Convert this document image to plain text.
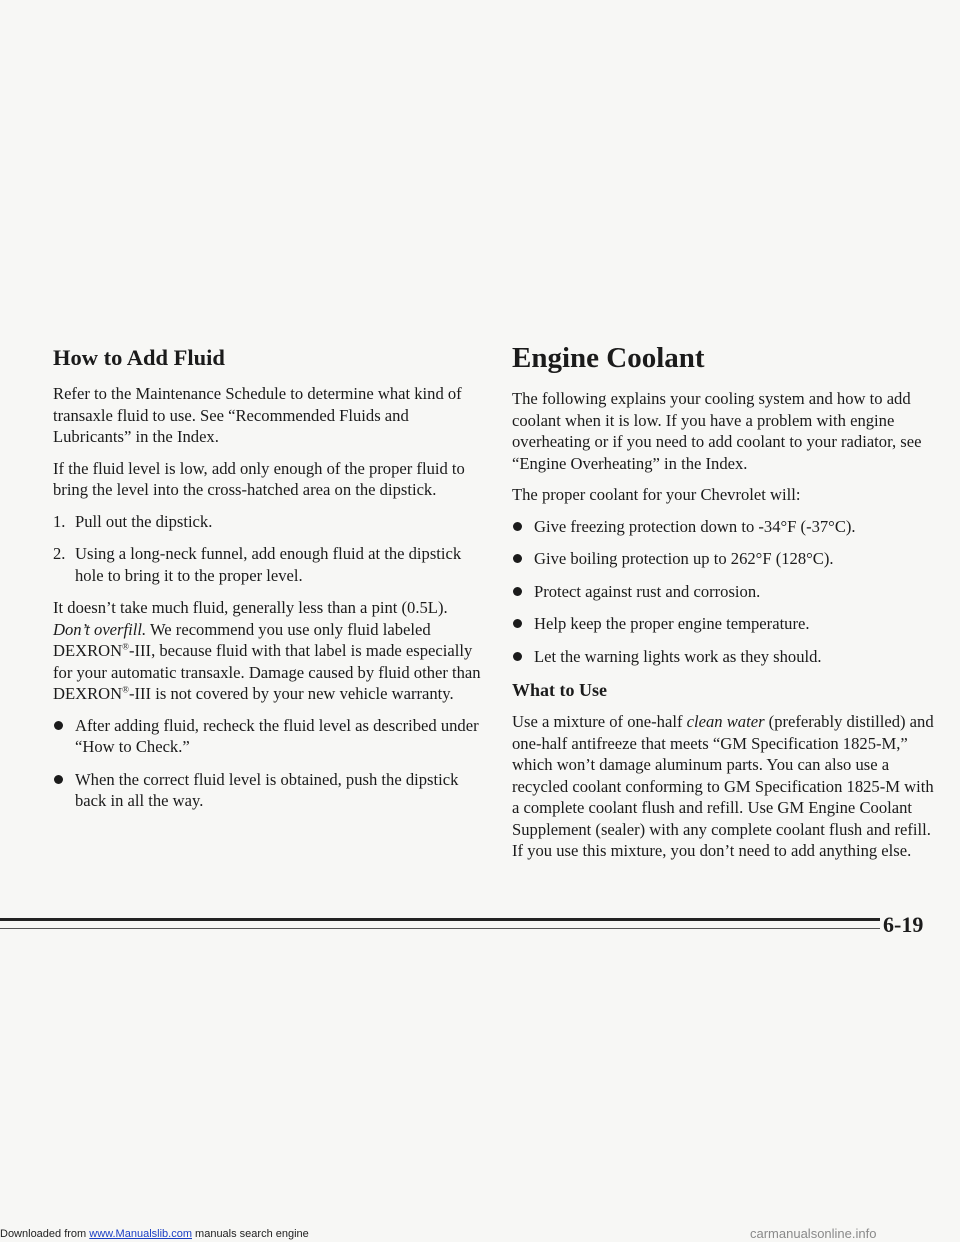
How to Add Fluid

Refer to the Maintenance Schedule to determine what kind of transaxle fluid to use. See “Recommended Fluids and Lubricants” in the Index.

If the fluid level is low, add only enough of the proper fluid to bring the level into the cross-hatched area on the dipstick.

1. Pull out the dipstick.
2. Using a long-neck funnel, add enough fluid at the dipstick hole to bring it to the proper level.

It doesn’t take much fluid, generally less than a pint (0.5L). Don’t overfill. We recommend you use only fluid labeled DEXRON®-III, because fluid with that label is made especially for your automatic transaxle. Damage caused by fluid other than DEXRON®-III is not covered by your new vehicle warranty.

After adding fluid, recheck the fluid level as described under “How to Check.”
When the correct fluid level is obtained, push the dipstick back in all the way.
Engine Coolant

The following explains your cooling system and how to add coolant when it is low. If you have a problem with engine overheating or if you need to add coolant to your radiator, see “Engine Overheating” in the Index.

The proper coolant for your Chevrolet will:

Give freezing protection down to -34°F (-37°C).
Give boiling protection up to 262°F (128°C).
Protect against rust and corrosion.
Help keep the proper engine temperature.
Let the warning lights work as they should.
What to Use

Use a mixture of one-half clean water (preferably distilled) and one-half antifreeze that meets “GM Specification 1825-M,” which won’t damage aluminum parts. You can also use a recycled coolant conforming to GM Specification 1825-M with a complete coolant flush and refill. Use GM Engine Coolant Supplement (sealer) with any complete coolant flush and refill. If you use this mixture, you don’t need to add anything else.

6-19
Downloaded from www.Manualslib.com manuals search engine	carmanualsonline.info
